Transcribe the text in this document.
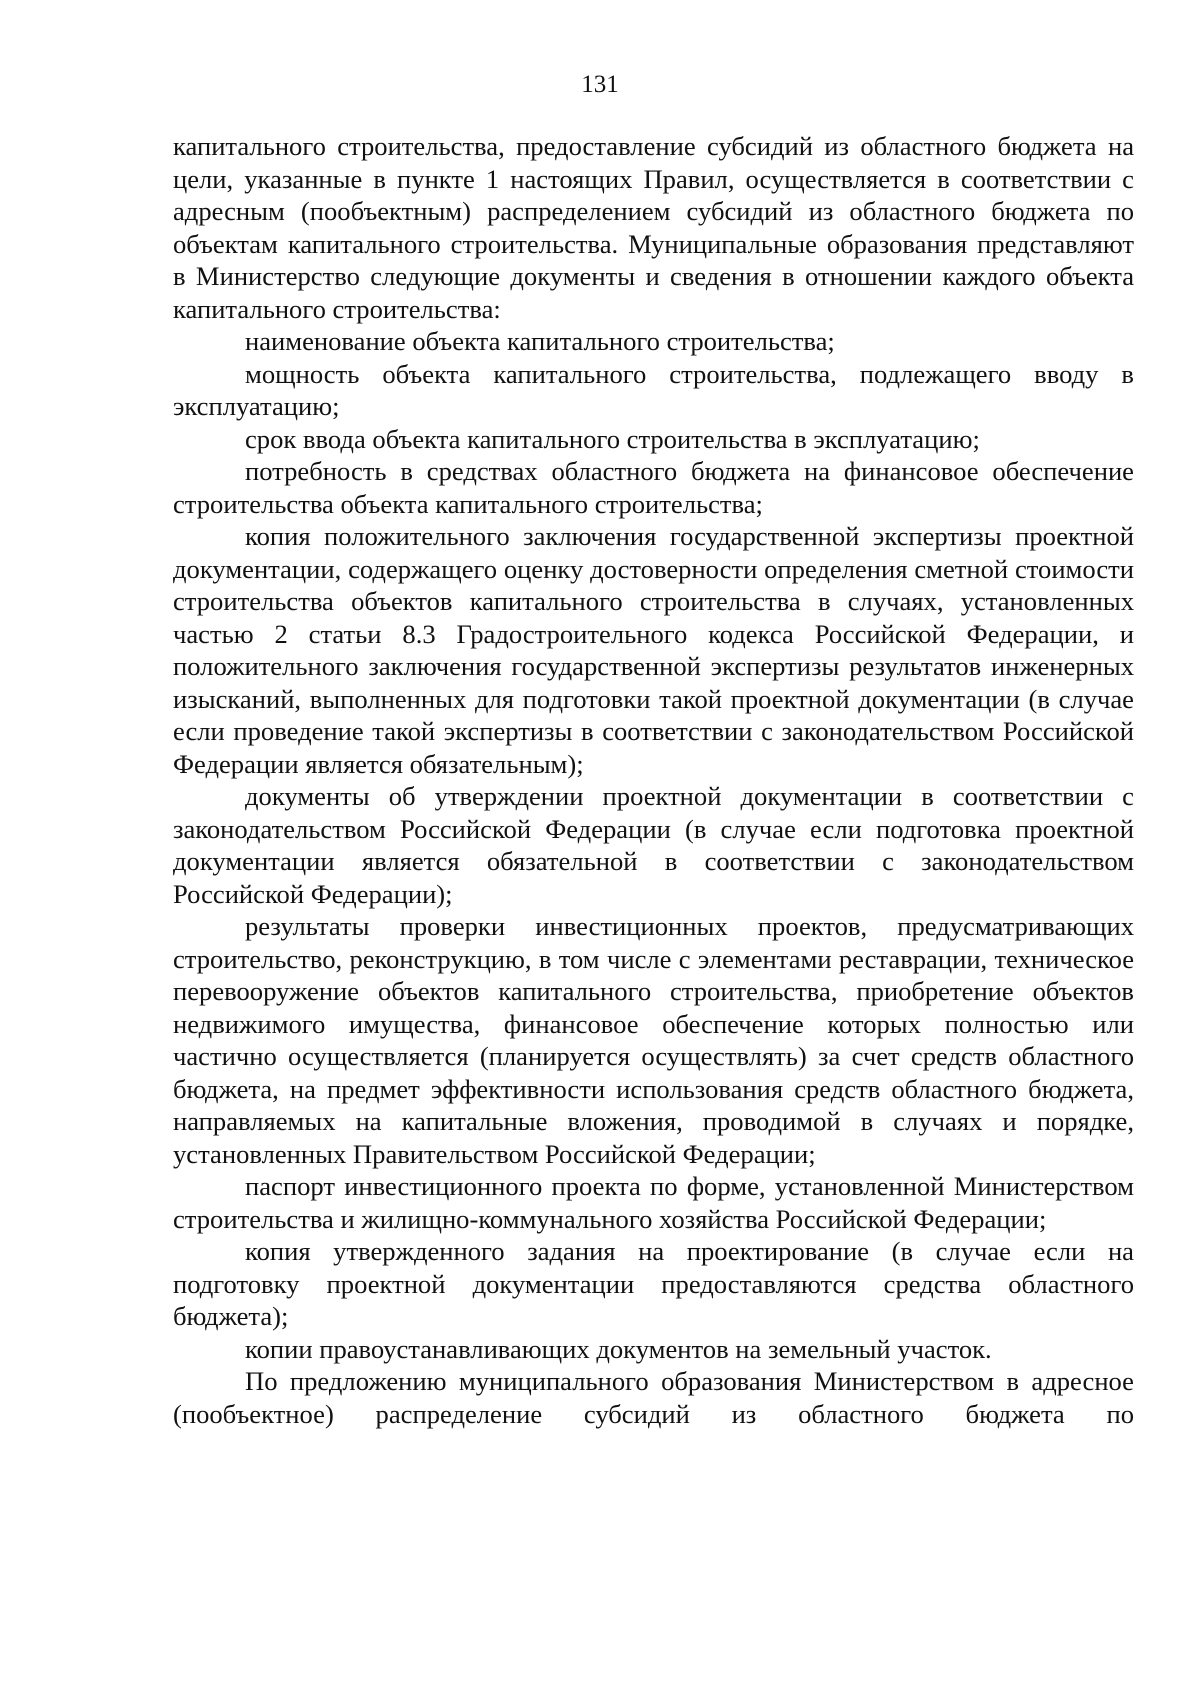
131

капитального строительства, предоставление субсидий из областного бюджета на цели, указанные в пункте 1 настоящих Правил, осуществляется в соответствии с адресным (пообъектным) распределением субсидий из областного бюджета по объектам капитального строительства. Муниципальные образования представляют в Министерство следующие документы и сведения в отношении каждого объекта капитального строительства:

наименование объекта капитального строительства;

мощность объекта капитального строительства, подлежащего вводу в эксплуатацию;

срок ввода объекта капитального строительства в эксплуатацию;

потребность в средствах областного бюджета на финансовое обеспечение строительства объекта капитального строительства;

копия положительного заключения государственной экспертизы проектной документации, содержащего оценку достоверности определения сметной стоимости строительства объектов капитального строительства в случаях, установленных частью 2 статьи 8.3 Градостроительного кодекса Российской Федерации, и положительного заключения государственной экспертизы результатов инженерных изысканий, выполненных для подготовки такой проектной документации (в случае если проведение такой экспертизы в соответствии с законодательством Российской Федерации является обязательным);

документы об утверждении проектной документации в соответствии с законодательством Российской Федерации (в случае если подготовка проектной документации является обязательной в соответствии с законодательством Российской Федерации);

результаты проверки инвестиционных проектов, предусматривающих строительство, реконструкцию, в том числе с элементами реставрации, техническое перевооружение объектов капитального строительства, приобретение объектов недвижимого имущества, финансовое обеспечение которых полностью или частично осуществляется (планируется осуществлять) за счет средств областного бюджета, на предмет эффективности использования средств областного бюджета, направляемых на капитальные вложения, проводимой в случаях и порядке, установленных Правительством Российской Федерации;

паспорт инвестиционного проекта по форме, установленной Министерством строительства и жилищно-коммунального хозяйства Российской Федерации;

копия утвержденного задания на проектирование (в случае если на подготовку проектной документации предоставляются средства областного бюджета);

копии правоустанавливающих документов на земельный участок.

По предложению муниципального образования Министерством в адресное (пообъектное) распределение субсидий из областного бюджета по
